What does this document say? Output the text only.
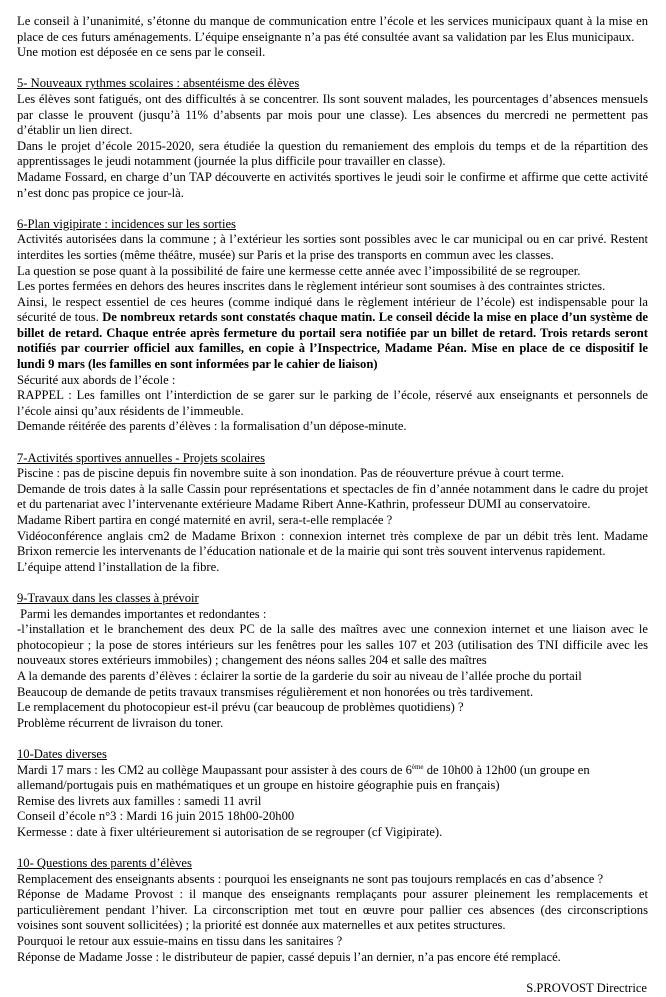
Le conseil à l’unanimité, s’étonne du manque de communication entre l’école et les services municipaux quant à la mise en place de ces futurs aménagements. L’équipe enseignante n’a pas été consultée avant sa validation par les Elus municipaux.

Une motion est déposée en ce sens par le conseil.

5- Nouveaux rythmes scolaires : absentéisme des élèves

Les élèves sont fatigués, ont des difficultés à se concentrer. Ils sont souvent malades, les pourcentages d’absences mensuels par classe le prouvent (jusqu’à 11% d’absents par mois pour une classe). Les absences du mercredi ne permettent pas d’établir un lien direct.

Dans le projet d’école 2015-2020, sera étudiée la question du remaniement des emplois du temps et de la répartition des apprentissages le jeudi notamment (journée la plus difficile pour travailler en classe).

Madame Fossard, en charge d’un TAP découverte en activités sportives le jeudi soir le confirme et affirme que cette activité n’est donc pas propice ce jour-là.

6-Plan vigipirate : incidences sur les sorties

Activités autorisées dans la commune ; à l’extérieur les sorties sont possibles avec le car municipal ou en car privé. Restent interdites les sorties (même théâtre, musée) sur Paris et la prise des transports en commun avec les classes.

La question se pose quant à la possibilité de faire une kermesse cette année avec l’impossibilité de se regrouper.

Les portes fermées en dehors des heures inscrites dans le règlement intérieur sont soumises à des contraintes strictes.

Ainsi, le respect essentiel de ces heures (comme indiqué dans le règlement intérieur de l’école) est indispensable pour la sécurité de tous. De nombreux retards sont constatés chaque matin. Le conseil décide la mise en place d’un système de billet de retard. Chaque entrée après fermeture du portail sera notifiée par un billet de retard. Trois retards seront notifiés par courrier officiel aux familles, en copie à l’Inspectrice, Madame Péan. Mise en place de ce dispositif le lundi 9 mars (les familles en sont informées par le cahier de liaison)

Sécurité aux abords de l’école :

RAPPEL : Les familles ont l’interdiction de se garer sur le parking de l’école, réservé aux enseignants et personnels de l’école ainsi qu’aux résidents de l’immeuble.

Demande réitérée des parents d’élèves : la formalisation d’un dépose-minute.

7-Activités sportives annuelles - Projets scolaires

Piscine : pas de piscine depuis fin novembre suite à son inondation. Pas de réouverture prévue à court terme.

Demande de trois dates à la salle Cassin pour représentations et spectacles de fin d’année notamment dans le cadre du projet et du partenariat avec l’intervenante extérieure Madame Ribert Anne-Kathrin, professeur DUMI au conservatoire.

Madame Ribert partira en congé maternité en avril, sera-t-elle remplacée ?

Vidéoconférence anglais cm2 de Madame Brixon : connexion internet très complexe de par un débit très lent. Madame Brixon remercie les intervenants de l’éducation nationale et de la mairie qui sont très souvent intervenus rapidement.

L’équipe attend l’installation de la fibre.

9-Travaux dans les classes à prévoir

Parmi les demandes importantes et redondantes :

-l’installation et le branchement des deux PC de la salle des maîtres avec une connexion internet et une liaison avec le photocopieur ; la pose de stores intérieurs sur les fenêtres pour les salles 107 et 203 (utilisation des TNI difficile avec les nouveaux stores extérieurs immobiles) ; changement des néons salles 204 et salle des maîtres

A la demande des parents d’élèves : éclairer la sortie de la garderie du soir au niveau de l’allée proche du portail

Beaucoup de demande de petits travaux transmises régulièrement et non honorées ou très tardivement.

Le remplacement du photocopieur est-il prévu (car beaucoup de problèmes quotidiens) ?

Problème récurrent de livraison du toner.

10-Dates diverses

Mardi 17 mars : les CM2 au collège Maupassant pour assister à des cours de 6ème de 10h00 à 12h00 (un groupe en

allemand/portugais puis en mathématiques et un groupe en histoire géographie puis en français)

Remise des livrets aux familles : samedi 11 avril

Conseil d’école n°3 : Mardi 16 juin 2015 18h00-20h00

Kermesse : date à fixer ultérieurement si autorisation de se regrouper (cf Vigipirate).

10- Questions des parents d’élèves

Remplacement des enseignants absents : pourquoi les enseignants ne sont pas toujours remplacés en cas d’absence ?

Réponse de Madame Provost : il manque des enseignants remplaçants pour assurer pleinement les remplacements et particulièrement pendant l’hiver. La circonscription met tout en œuvre pour pallier ces absences (des circonscriptions voisines sont souvent sollicitées) ; la priorité est donnée aux maternelles et aux petites structures.

Pourquoi le retour aux essuie-mains en tissu dans les sanitaires ?

Réponse de Madame Josse : le distributeur de papier, cassé depuis l’an dernier, n’a pas encore été remplacé.

S.PROVOST Directrice
